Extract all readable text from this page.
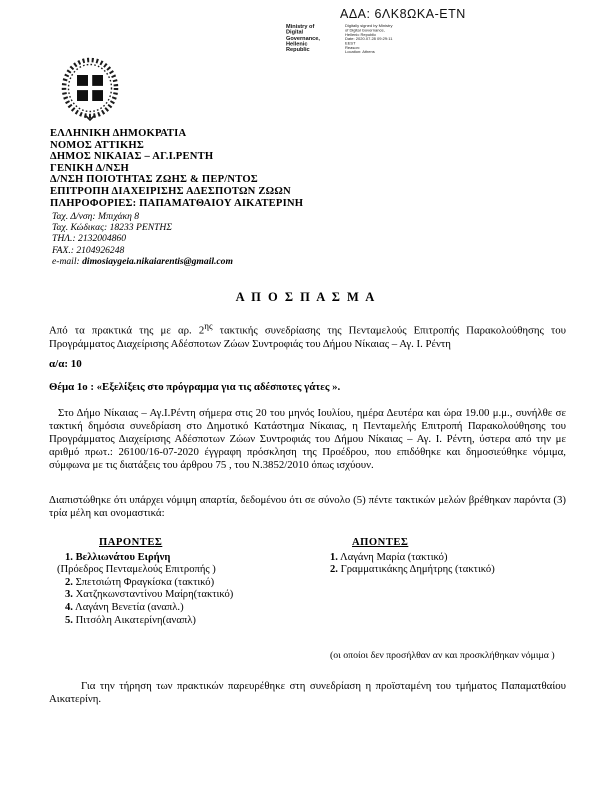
ΑΔΑ: 6ΛΚ8ΩΚΑ-ΕΤΝ
Ministry of Digital
Governance,
Hellenic Republic
Digitally signed by Ministry
of Digital Governance,
Hellenic Republic
Date: 2020.07.28 09:29:11
EEST
Reason:
Location: Athens
ΕΛΛΗΝΙΚΗ ΔΗΜΟΚΡΑΤΙΑ
ΝΟΜΟΣ ΑΤΤΙΚΗΣ
ΔΗΜΟΣ ΝΙΚΑΙΑΣ – ΑΓ.Ι.ΡΕΝΤΗ
ΓΕΝΙΚΗ Δ/ΝΣΗ
Δ/ΝΣΗ ΠΟΙΟΤΗΤΑΣ ΖΩΗΣ & ΠΕΡ/ΝΤΟΣ
ΕΠΙΤΡΟΠΗ ΔΙΑΧΕΙΡΙΣΗΣ ΑΔΕΣΠΟΤΩΝ ΖΩΩΝ
ΠΛΗΡΟΦΟΡΙΕΣ: ΠΑΠΑΜΑΤΘΑΙΟΥ ΑΙΚΑΤΕΡΙΝΗ
Ταχ. Δ/νση: Μπιχάκη 8
Ταχ. Κώδικας: 18233 ΡΕΝΤΗΣ
ΤΗΛ.: 2132004860
FAX.: 2104926248
e-mail: dimosiaygeia.nikaiarentis@gmail.com
Α Π Ο Σ Π Α Σ Μ Α
Από τα πρακτικά της με αρ. $2^{\eta\varsigma}$ τακτικής συνεδρίασης της Πενταμελούς Επιτροπής Παρακολούθησης του Προγράμματος Διαχείρισης Αδέσποτων Ζώων Συντροφιάς του Δήμου Νίκαιας – Αγ. Ι. Ρέντη
α/α: 10
Θέμα 1ο : «Εξελίξεις στο πρόγραμμα για τις αδέσποτες γάτες ».
Στο Δήμο Νίκαιας – Αγ.Ι.Ρέντη σήμερα στις 20 του μηνός Ιουλίου, ημέρα Δευτέρα και ώρα 19.00 μ.μ., συνήλθε σε τακτική δημόσια συνεδρίαση στο Δημοτικό Κατάστημα Νίκαιας, η Πενταμελής Επιτροπή Παρακολούθησης του Προγράμματος Διαχείρισης Αδέσποτων Ζώων Συντροφιάς του Δήμου Νίκαιας – Αγ. Ι. Ρέντη, ύστερα από την με αριθμό πρωτ.: 26100/16-07-2020 έγγραφη πρόσκληση της Προέδρου, που επιδόθηκε και δημοσιεύθηκε νόμιμα, σύμφωνα με τις διατάξεις του άρθρου 75 , του Ν.3852/2010 όπως ισχύουν.
Διαπιστώθηκε ότι υπάρχει νόμιμη απαρτία, δεδομένου ότι σε σύνολο (5) πέντε τακτικών μελών βρέθηκαν παρόντα (3) τρία μέλη και ονομαστικά:
ΠΑΡΟΝΤΕΣ
1. Βελλιωνάτου Ειρήνη
(Πρόεδρος Πενταμελούς Επιτροπής )
2. Σπετσιώτη Φραγκίσκα (τακτικό)
3. Χατζηκωνσταντίνου Μαίρη(τακτικό)
4. Λαγάνη Βενετία (αναπλ.)
5. Πιτσόλη Αικατερίνη(αναπλ)
ΑΠΟΝΤΕΣ
1. Λαγάνη Μαρία (τακτικό)
2. Γραμματικάκης Δημήτρης (τακτικό)
(οι οποίοι δεν προσήλθαν αν και προσκλήθηκαν νόμιμα )
Για την τήρηση των πρακτικών παρευρέθηκε στη συνεδρίαση η προϊσταμένη του τμήματος Παπαματθαίου Αικατερίνη.
